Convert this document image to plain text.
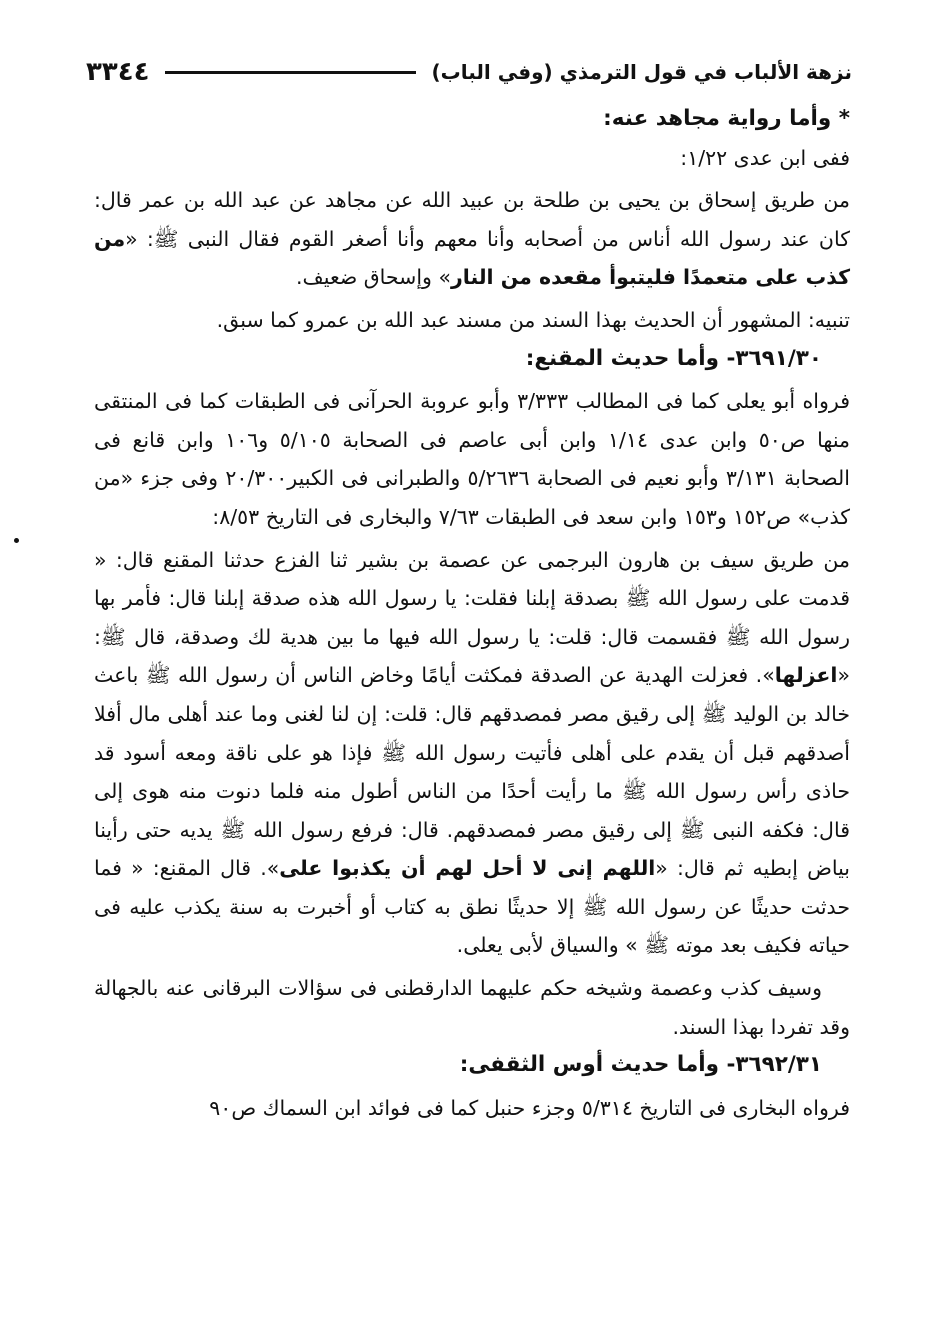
نزهة الألباب في قول الترمذي (وفي الباب)
٣٣٤٤

* وأما رواية مجاهد عنه:

ففى ابن عدى ١/٢٢:

من طريق إسحاق بن يحيى بن طلحة بن عبيد الله عن مجاهد عن عبد الله بن عمر قال: كان عند رسول الله أناس من أصحابه وأنا معهم وأنا أصغر القوم فقال النبى ﷺ: «من كذب على متعمدًا فليتبوأ مقعده من النار» وإسحاق ضعيف.

تنبيه: المشهور أن الحديث بهذا السند من مسند عبد الله بن عمرو كما سبق.

٣٦٩١/٣٠- وأما حديث المقنع:

فرواه أبو يعلى كما فى المطالب ٣/٣٣٣ وأبو عروبة الحرآنى فى الطبقات كما فى المنتقى منها ص٥٠ وابن عدى ١/١٤ وابن أبى عاصم فى الصحابة ٥/١٠٥ و١٠٦ وابن قانع فى الصحابة ٣/١٣١ وأبو نعيم فى الصحابة ٥/٢٦٣٦ والطبرانى فى الكبير٢٠/٣٠٠ وفى جزء «من كذب» ص١٥٢ و١٥٣ وابن سعد فى الطبقات ٧/٦٣ والبخارى فى التاريخ ٨/٥٣:

من طريق سيف بن هارون البرجمى عن عصمة بن بشير ثنا الفزع حدثنا المقنع قال: « قدمت على رسول الله ﷺ بصدقة إبلنا فقلت: يا رسول الله هذه صدقة إبلنا قال: فأمر بها رسول الله ﷺ فقسمت قال: قلت: يا رسول الله فيها ما بين هدية لك وصدقة، قال ﷺ: «اعزلها». فعزلت الهدية عن الصدقة فمكثت أيامًا وخاض الناس أن رسول الله ﷺ باعث خالد بن الوليد ﷺ إلى رقيق مصر فمصدقهم قال: قلت: إن لنا لغنى وما عند أهلى مال أفلا أصدقهم قبل أن يقدم على أهلى فأتيت رسول الله ﷺ فإذا هو على ناقة ومعه أسود قد حاذى رأس رسول الله ﷺ ما رأيت أحدًا من الناس أطول منه فلما دنوت منه هوى إلى قال: فكفه النبى ﷺ إلى رقيق مصر فمصدقهم. قال: فرفع رسول الله ﷺ يديه حتى رأينا بياض إبطيه ثم قال: «اللهم إنى لا أحل لهم أن يكذبوا على». قال المقنع: « فما حدثت حديثًا عن رسول الله ﷺ إلا حديثًا نطق به كتاب أو أخبرت به سنة يكذب عليه فى حياته فكيف بعد موته ﷺ » والسياق لأبى يعلى.

وسيف كذب وعصمة وشيخه حكم عليهما الدارقطنى فى سؤالات البرقانى عنه بالجهالة وقد تفردا بهذا السند.

٣٦٩٢/٣١- وأما حديث أوس الثقفى:

فرواه البخارى فى التاريخ ٥/٣١٤ وجزء حنبل كما فى فوائد ابن السماك ص٩٠
